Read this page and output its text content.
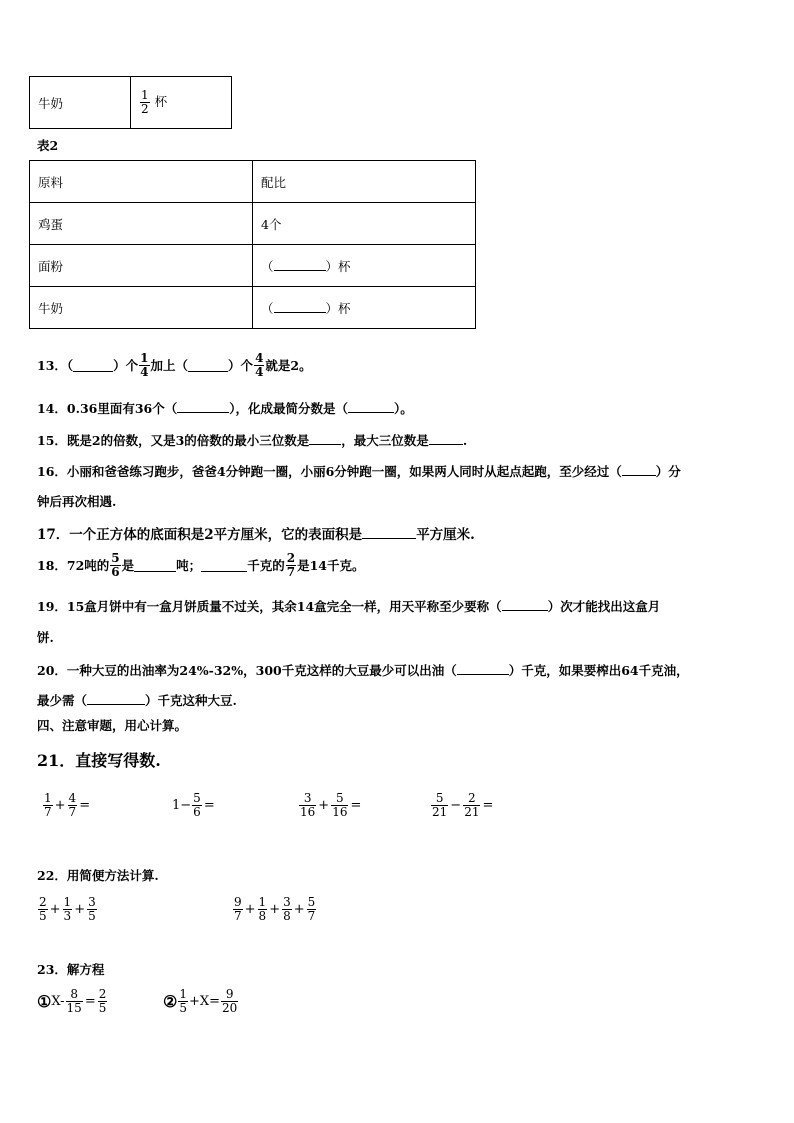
牛奶	$\frac{1}{2}$ 杯
表2
原料	配比
鸡蛋	4个
面粉	（ ）杯
牛奶	（ ）杯
13．（	）个 $\frac{1}{4}$ 加上（	）个 $\frac{4}{4}$ 就是2。
14．0.36里面有36个（	），化成最简分数是（	）。
15．既是2的倍数，又是3的倍数的最小三位数是	，最大三位数是	.
16．小丽和爸爸练习跑步，爸爸4分钟跑一圈，小丽6分钟跑一圈，如果两人同时从起点起跑，至少经过（	）分
钟后再次相遇.
17．一个正方体的底面积是2平方厘米，它的表面积是	平方厘米.
18．72吨的 $\frac{5}{6}$ 是	吨；	千克的 $\frac{2}{7}$ 是14千克。
19．15盒月饼中有一盒月饼质量不过关，其余14盒完全一样，用天平称至少要称（	）次才能找出这盒月
饼.
20．一种大豆的出油率为24%-32%，300千克这样的大豆最少可以出油（	）千克，如果要榨出64千克油，
最少需（	）千克这种大豆.
四、注意审题，用心计算。
21．直接写得数.
$\frac{1}{7} + \frac{4}{7}$ =	$1- \frac{5}{6}$ =	$\frac{3}{16} + \frac{5}{16}$ =	$\frac{5}{21} - \frac{2}{21}$ =
22．用简便方法计算.
$\frac{2}{5} + \frac{1}{3} + \frac{3}{5}$	$\frac{9}{7} + \frac{1}{8} + \frac{3}{8} + \frac{5}{7}$
23．解方程
① $X- \frac{8}{15} = \frac{2}{5}$	② $\frac{1}{5} +X= \frac{9}{20}$
